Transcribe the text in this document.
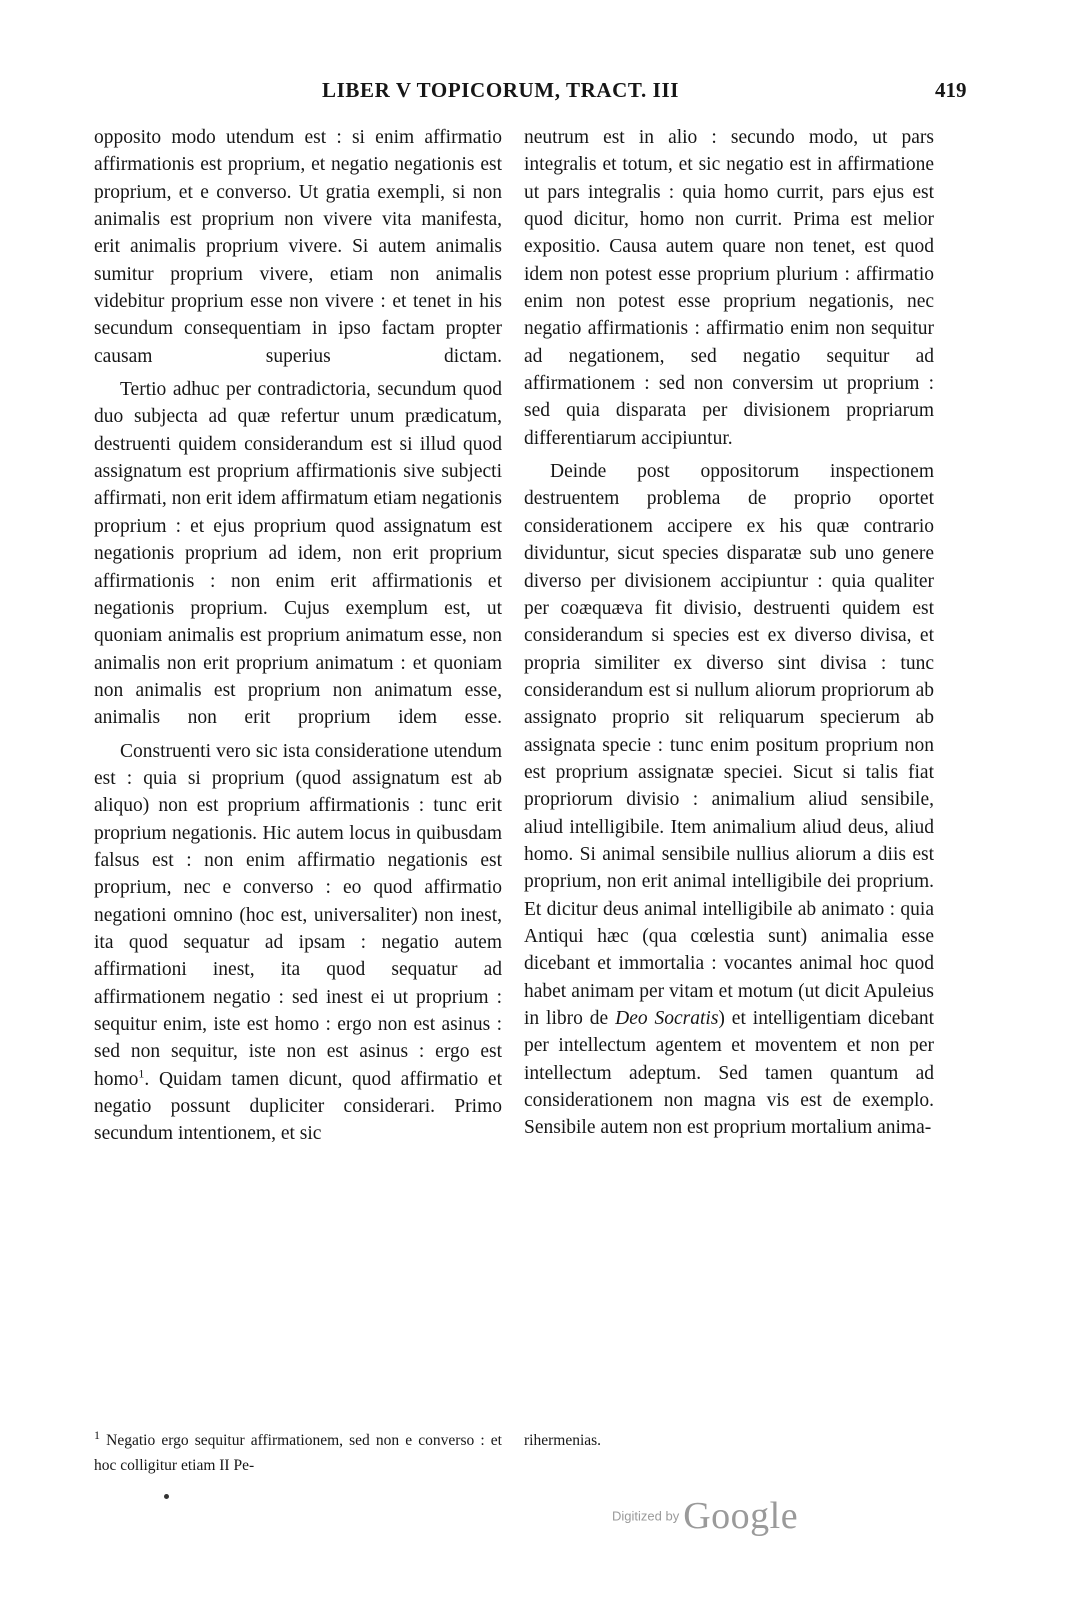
LIBER V TOPICORUM, TRACT. III	419

opposito modo utendum est : si enim affirmatio affirmationis est proprium, et negatio negationis est proprium, et e converso. Ut gratia exempli, si non animalis est proprium non vivere vita manifesta, erit animalis proprium vivere. Si autem animalis sumitur proprium vivere, etiam non animalis videbitur proprium esse non vivere : et tenet in his secundum consequentiam in ipso factam propter causam superius dictam.

Tertio adhuc per contradictoria, secundum quod duo subjecta ad quæ refertur unum prædicatum, destruenti quidem considerandum est si illud quod assignatum est proprium affirmationis sive subjecti affirmati, non erit idem affirmatum etiam negationis proprium : et ejus proprium quod assignatum est negationis proprium ad idem, non erit proprium affirmationis : non enim erit affirmationis et negationis proprium. Cujus exemplum est, ut quoniam animalis est proprium animatum esse, non animalis non erit proprium animatum : et quoniam non animalis est proprium non animatum esse, animalis non erit proprium idem esse.

Construenti vero sic ista consideratione utendum est : quia si proprium (quod assignatum est ab aliquo) non est proprium affirmationis : tunc erit proprium negationis. Hic autem locus in quibusdam falsus est : non enim affirmatio negationis est proprium, nec e converso : eo quod affirmatio negationi omnino (hoc est, universaliter) non inest, ita quod sequatur ad ipsam : negatio autem affirmationi inest, ita quod sequatur ad affirmationem negatio : sed inest ei ut proprium : sequitur enim, iste est homo : ergo non est asinus : sed non sequitur, iste non est asinus : ergo est homo$^1$. Quidam tamen dicunt, quod affirmatio et negatio possunt dupliciter considerari. Primo secundum intentionem, et sic

neutrum est in alio : secundo modo, ut pars integralis et totum, et sic negatio est in affirmatione ut pars integralis : quia homo currit, pars ejus est quod dicitur, homo non currit. Prima est melior expositio. Causa autem quare non tenet, est quod idem non potest esse proprium plurium : affirmatio enim non potest esse proprium negationis, nec negatio affirmationis : affirmatio enim non sequitur ad negationem, sed negatio sequitur ad affirmationem : sed non conversim ut proprium : sed quia disparata per divisionem propriarum differentiarum accipiuntur.

Deinde post oppositorum inspectionem destruentem problema de proprio oportet considerationem accipere ex his quæ contrario dividuntur, sicut species disparatæ sub uno genere diverso per divisionem accipiuntur : quia qualiter per coæquæva fit divisio, destruenti quidem est considerandum si species est ex diverso divisa, et propria similiter ex diverso sint divisa : tunc considerandum est si nullum aliorum propriorum ab assignato proprio sit reliquarum specierum ab assignata specie : tunc enim positum proprium non est proprium assignatæ speciei. Sicut si talis fiat propriorum divisio : animalium aliud sensibile, aliud intelligibile. Item animalium aliud deus, aliud homo. Si animal sensibile nullius aliorum a diis est proprium, non erit animal intelligibile dei proprium. Et dicitur deus animal intelligibile ab animato : quia Antiqui hæc (qua cœlestia sunt) animalia esse dicebant et immortalia : vocantes animal hoc quod habet animam per vitam et motum (ut dicit Apuleius in libro de Deo Socratis) et intelligentiam dicebant per intellectum agentem et moventem et non per intellectum adeptum. Sed tamen quantum ad considerationem non magna vis est de exemplo. Sensibile autem non est proprium mortalium anima-

$^1$ Negatio ergo sequitur affirmationem, sed non e converso : et hoc colligitur etiam II Pe-
rihermenias.
Digitized by Google
